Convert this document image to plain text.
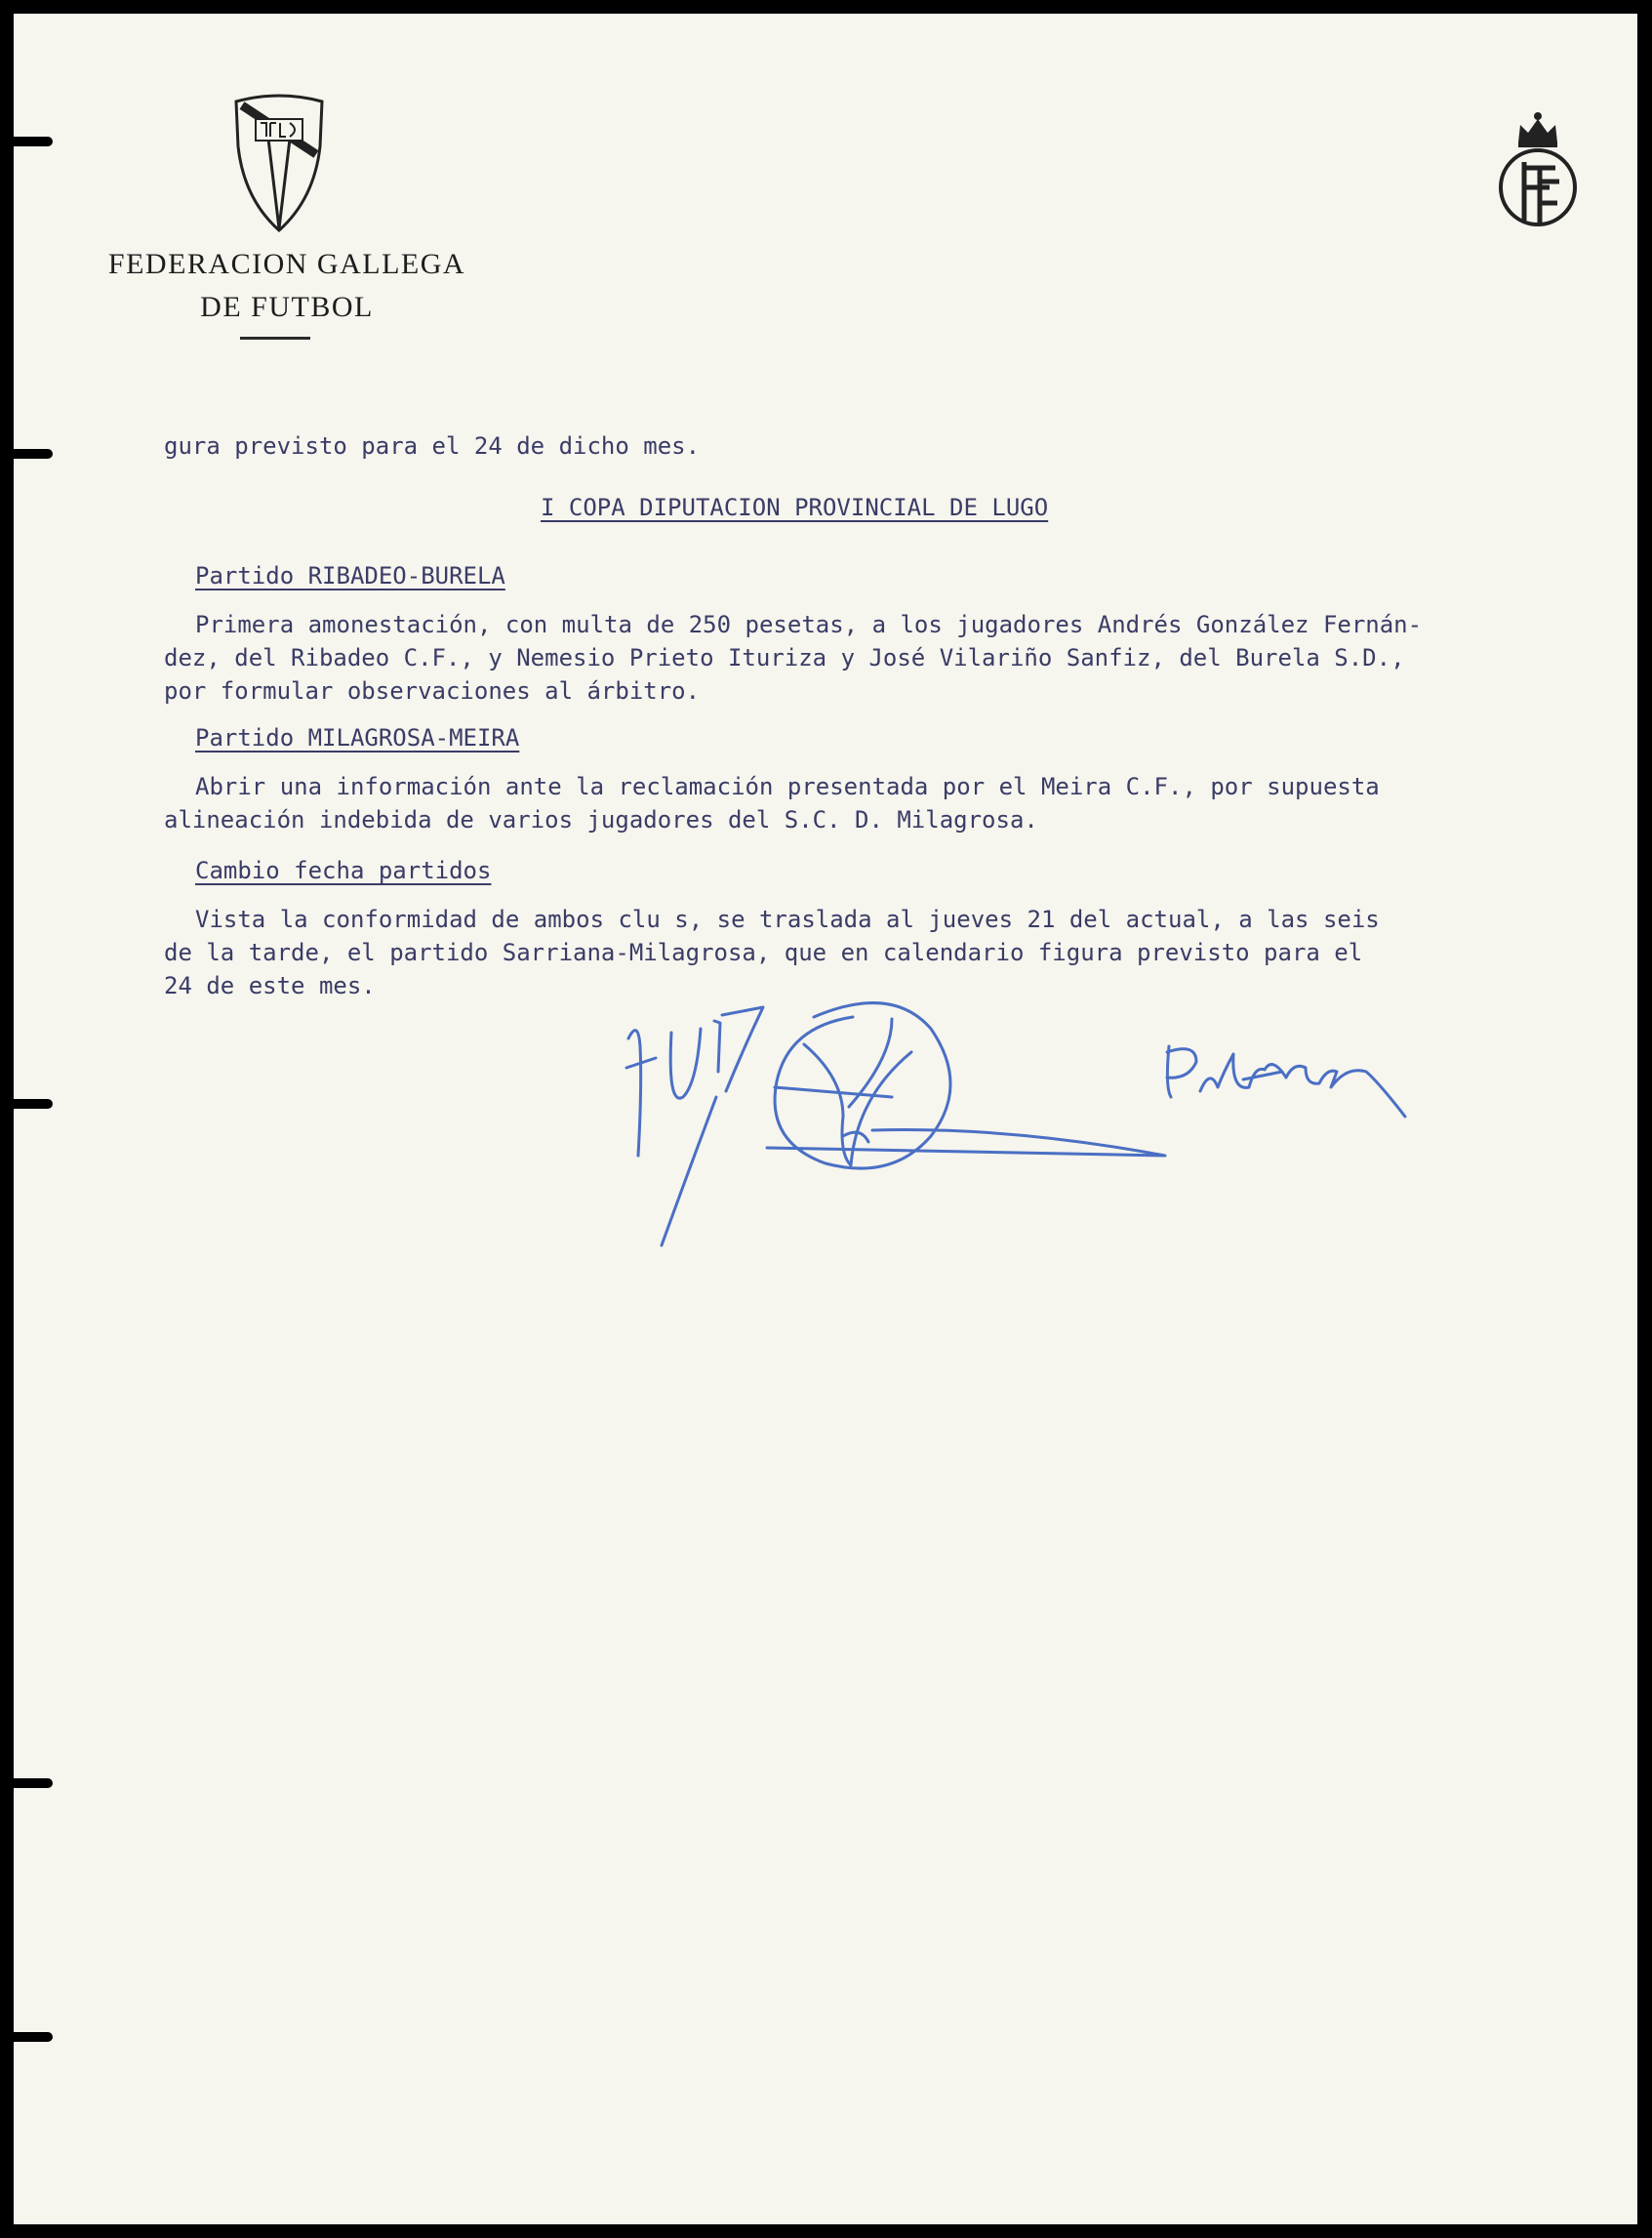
FEDERACION GALLEGA
DE FUTBOL

gura previsto para el 24 de dicho mes.

I COPA DIPUTACION PROVINCIAL DE LUGO

Partido RIBADEO-BURELA

Primera amonestación, con multa de 250 pesetas, a los jugadores Andrés González Fernán-

dez, del Ribadeo C.F., y Nemesio Prieto Ituriza y José Vilariño Sanfiz, del Burela S.D.,

por formular observaciones al árbitro.

Partido MILAGROSA-MEIRA

Abrir una información ante la reclamación presentada por el Meira C.F., por supuesta

alineación indebida de varios jugadores del S.C. D. Milagrosa.

Cambio fecha partidos

Vista la conformidad de ambos clu s, se traslada al jueves 21 del actual, a las seis

de la tarde, el partido Sarriana-Milagrosa, que en calendario figura previsto para el

24 de este mes.
